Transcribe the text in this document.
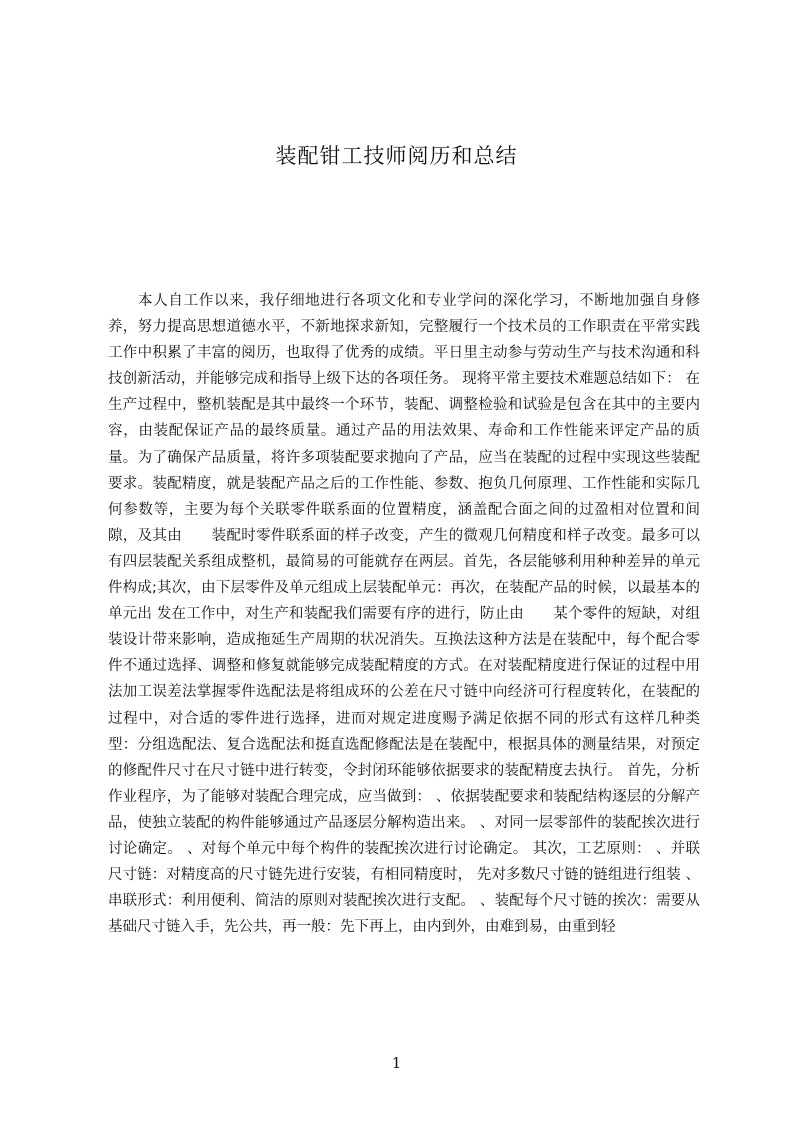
装配钳工技师阅历和总结

本人自工作以来，我仔细地进行各项文化和专业学问的深化学习，不断地加强自身修养，努力提高思想道德水平，不新地探求新知，完整履行一个技术员的工作职责在平常实践工作中积累了丰富的阅历，也取得了优秀的成绩。平日里主动参与劳动生产与技术沟通和科 技创新活动，并能够完成和指导上级下达的各项任务。 现将平常主要技术难题总结如下： 在生产过程中，整机装配是其中最终一个环节，装配、调整检验和试验是包含在其中的主要内容，由装配保证产品的最终质量。通过产品的用法效果、寿命和工作性能来评定产品的质量。为了确保产品质量，将许多项装配要求抛向了产品，应当在装配的过程中实现这些装配要求。装配精度，就是装配产品之后的工作性能、参数、抱负几何原理、工作性能和实际几何参数等，主要为每个关联零件联系面的位置精度，涵盖配合面之间的过盈相对位置和间隙，及其由　　装配时零件联系面的样子改变，产生的微观几何精度和样子改变。最多可以有四层装配关系组成整机，最简易的可能就存在两层。首先，各层能够利用种种差异的单元件构成;其次，由下层零件及单元组成上层装配单元：再次，在装配产品的时候，以最基本的单元出 发在工作中，对生产和装配我们需要有序的进行，防止由　　某个零件的短缺，对组装设计带来影响，造成拖延生产周期的状况消失。互换法这种方法是在装配中，每个配合零件不通过选择、调整和修复就能够完成装配精度的方式。在对装配精度进行保证的过程中用法加工误差法掌握零件选配法是将组成环的公差在尺寸链中向经济可行程度转化，在装配的过程中，对合适的零件进行选择，进而对规定进度赐予满足依据不同的形式有这样几种类型：分组选配法、复合选配法和挺直选配修配法是在装配中，根据具体的测量结果，对预定的修配件尺寸在尺寸链中进行转变，令封闭环能够依据要求的装配精度去执行。 首先，分析作业程序，为了能够对装配合理完成，应当做到： 、依据装配要求和装配结构逐层的分解产品，使独立装配的构件能够通过产品逐层分解构造出来。 、对同一层零部件的装配挨次进行讨论确定。 、对每个单元中每个构件的装配挨次进行讨论确定。 其次，工艺原则： 、并联尺寸链：对精度高的尺寸链先进行安装，有相同精度时， 先对多数尺寸链的链组进行组装 、串联形式：利用便利、简洁的原则对装配挨次进行支配。 、装配每个尺寸链的挨次：需要从基础尺寸链入手，先公共，再一般：先下再上，由内到外，由难到易，由重到轻

1
